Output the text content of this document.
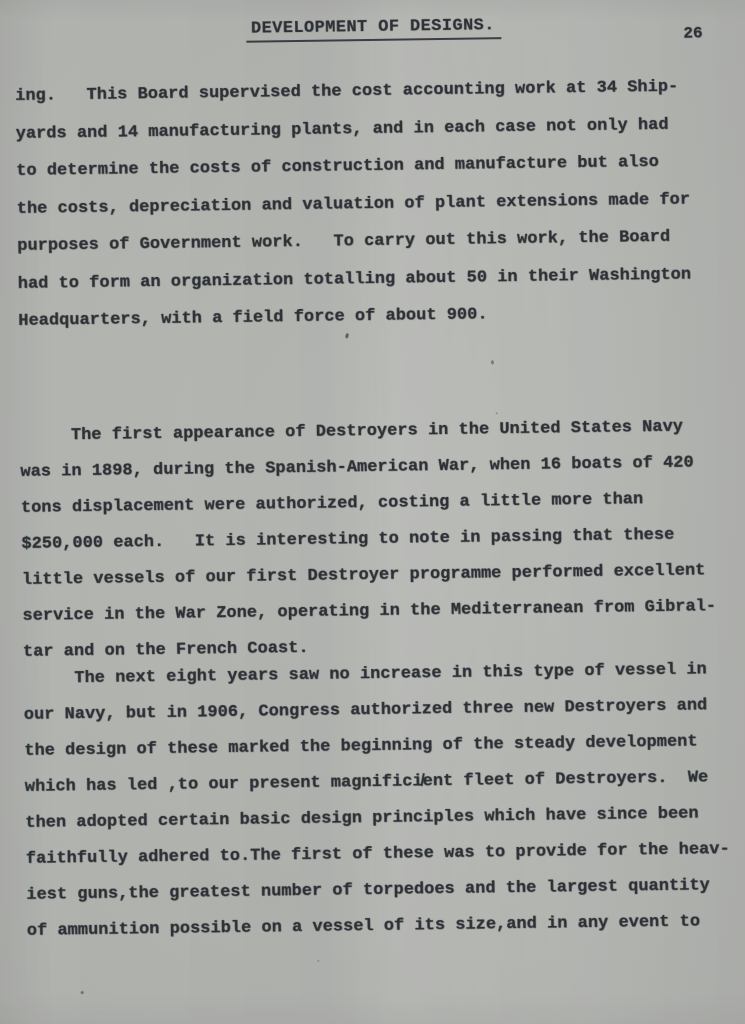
26
ing.   This Board supervised the cost accounting work at 34 Ship-
yards and 14 manufacturing plants, and in each case not only had
to determine the costs of construction and manufacture but also
the costs, depreciation and valuation of plant extensions made for
purposes of Government work.   To carry out this work, the Board
had to form an organization totalling about 50 in their Washington
Headquarters, with a field force of about 900.

DEVELOPMENT OF DESIGNS.

The first appearance of Destroyers in the United States Navy
was in 1898, during the Spanish-American War, when 16 boats of 420
tons displacement were authorized, costing a little more than
$250,000 each.   It is interesting to note in passing that these
little vessels of our first Destroyer programme performed excellent
service in the War Zone, operating in the Mediterranean from Gibral-
tar and on the French Coast.
The next eight years saw no increase in this type of vessel in
our Navy, but in 1906, Congress authorized three new Destroyers and
the design of these marked the beginning of the steady development
which has led ,to our present magnifici̸ent fleet of Destroyers.  We
then adopted certain basic design principles which have since been
faithfully adhered to.The first of these was to provide for the heav-
iest guns,the greatest number of torpedoes and the largest quantity
of ammunition possible on a vessel of its size,and in any event to
